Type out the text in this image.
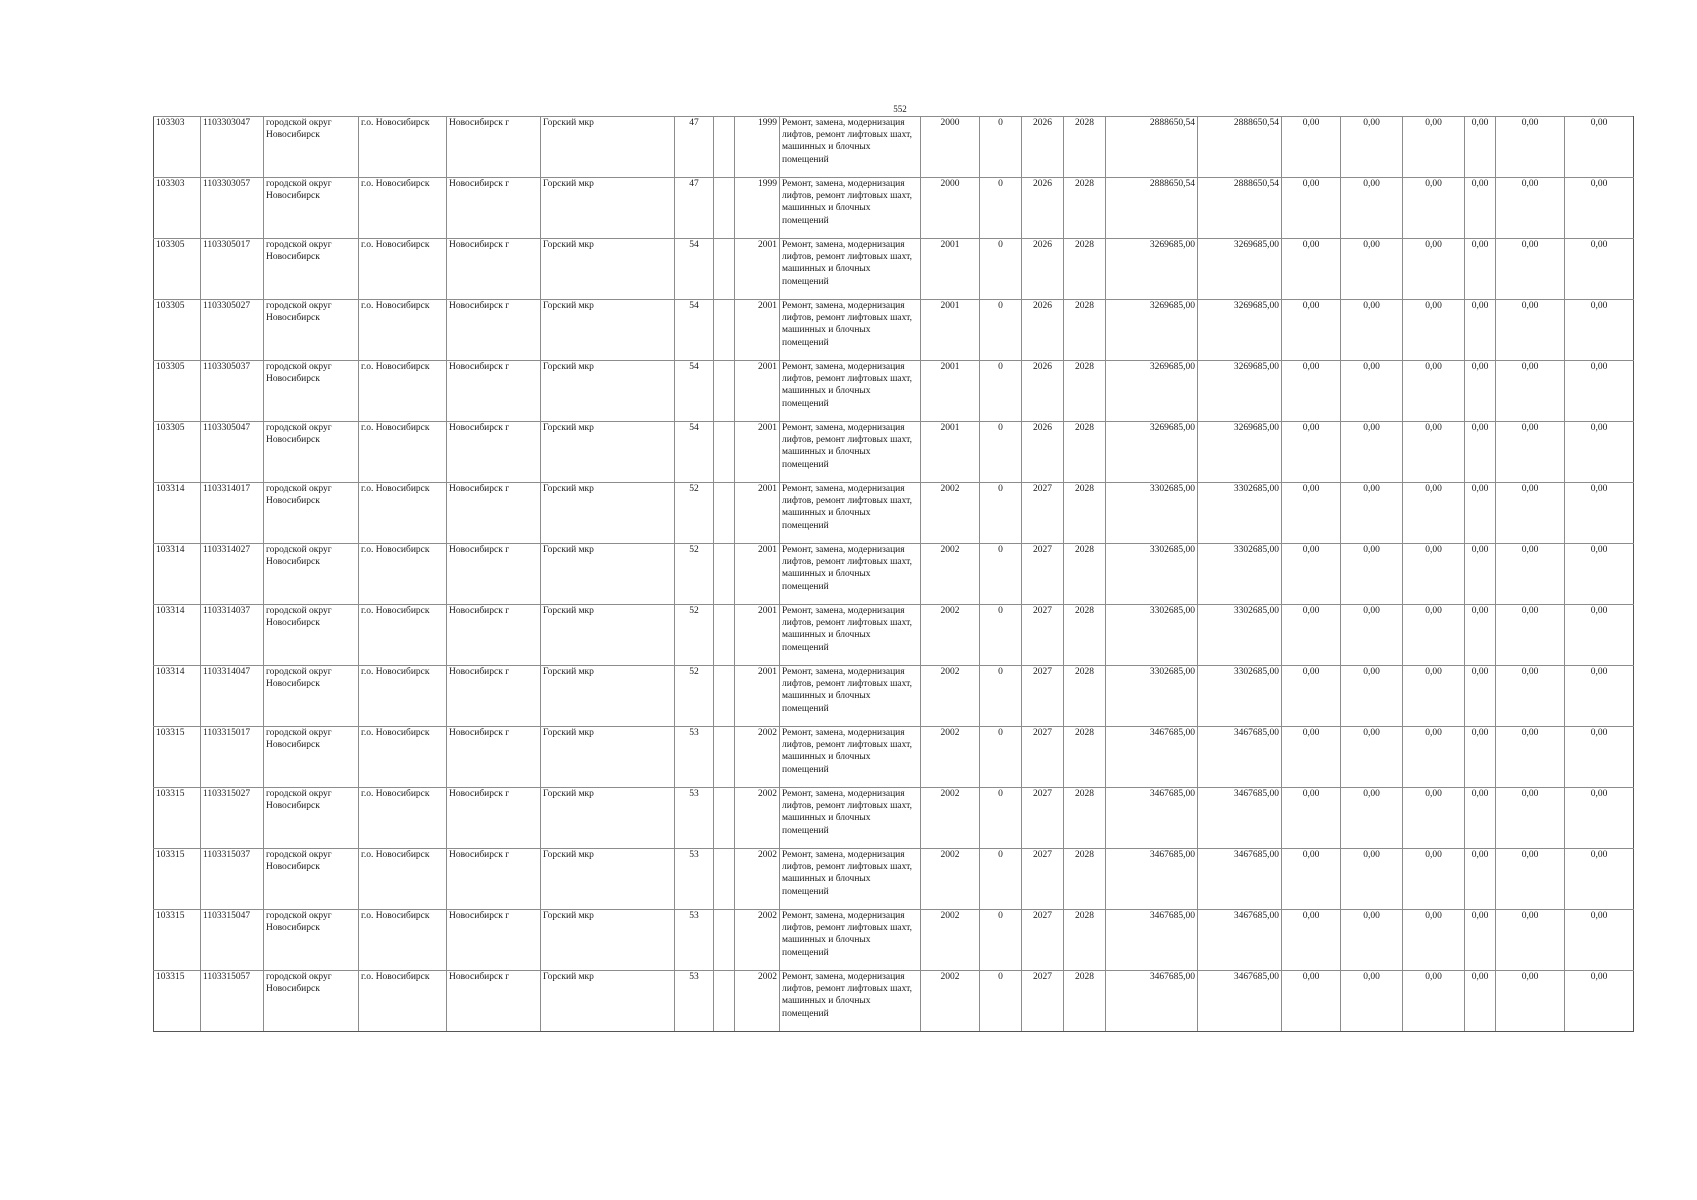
552
103303	1103303047	городской округ Новосибирск	г.о. Новосибирск	Новосибирск г	Горский мкр	47		1999	Ремонт, замена, модернизация лифтов, ремонт лифтовых шахт, машинных и блочных помещений	2000	0	2026	2028	2888650,54	2888650,54	0,00	0,00	0,00	0,00	0,00	0,00
103303	1103303057	городской округ Новосибирск	г.о. Новосибирск	Новосибирск г	Горский мкр	47		1999	Ремонт, замена, модернизация лифтов, ремонт лифтовых шахт, машинных и блочных помещений	2000	0	2026	2028	2888650,54	2888650,54	0,00	0,00	0,00	0,00	0,00	0,00
103305	1103305017	городской округ Новосибирск	г.о. Новосибирск	Новосибирск г	Горский мкр	54		2001	Ремонт, замена, модернизация лифтов, ремонт лифтовых шахт, машинных и блочных помещений	2001	0	2026	2028	3269685,00	3269685,00	0,00	0,00	0,00	0,00	0,00	0,00
103305	1103305027	городской округ Новосибирск	г.о. Новосибирск	Новосибирск г	Горский мкр	54		2001	Ремонт, замена, модернизация лифтов, ремонт лифтовых шахт, машинных и блочных помещений	2001	0	2026	2028	3269685,00	3269685,00	0,00	0,00	0,00	0,00	0,00	0,00
103305	1103305037	городской округ Новосибирск	г.о. Новосибирск	Новосибирск г	Горский мкр	54		2001	Ремонт, замена, модернизация лифтов, ремонт лифтовых шахт, машинных и блочных помещений	2001	0	2026	2028	3269685,00	3269685,00	0,00	0,00	0,00	0,00	0,00	0,00
103305	1103305047	городской округ Новосибирск	г.о. Новосибирск	Новосибирск г	Горский мкр	54		2001	Ремонт, замена, модернизация лифтов, ремонт лифтовых шахт, машинных и блочных помещений	2001	0	2026	2028	3269685,00	3269685,00	0,00	0,00	0,00	0,00	0,00	0,00
103314	1103314017	городской округ Новосибирск	г.о. Новосибирск	Новосибирск г	Горский мкр	52		2001	Ремонт, замена, модернизация лифтов, ремонт лифтовых шахт, машинных и блочных помещений	2002	0	2027	2028	3302685,00	3302685,00	0,00	0,00	0,00	0,00	0,00	0,00
103314	1103314027	городской округ Новосибирск	г.о. Новосибирск	Новосибирск г	Горский мкр	52		2001	Ремонт, замена, модернизация лифтов, ремонт лифтовых шахт, машинных и блочных помещений	2002	0	2027	2028	3302685,00	3302685,00	0,00	0,00	0,00	0,00	0,00	0,00
103314	1103314037	городской округ Новосибирск	г.о. Новосибирск	Новосибирск г	Горский мкр	52		2001	Ремонт, замена, модернизация лифтов, ремонт лифтовых шахт, машинных и блочных помещений	2002	0	2027	2028	3302685,00	3302685,00	0,00	0,00	0,00	0,00	0,00	0,00
103314	1103314047	городской округ Новосибирск	г.о. Новосибирск	Новосибирск г	Горский мкр	52		2001	Ремонт, замена, модернизация лифтов, ремонт лифтовых шахт, машинных и блочных помещений	2002	0	2027	2028	3302685,00	3302685,00	0,00	0,00	0,00	0,00	0,00	0,00
103315	1103315017	городской округ Новосибирск	г.о. Новосибирск	Новосибирск г	Горский мкр	53		2002	Ремонт, замена, модернизация лифтов, ремонт лифтовых шахт, машинных и блочных помещений	2002	0	2027	2028	3467685,00	3467685,00	0,00	0,00	0,00	0,00	0,00	0,00
103315	1103315027	городской округ Новосибирск	г.о. Новосибирск	Новосибирск г	Горский мкр	53		2002	Ремонт, замена, модернизация лифтов, ремонт лифтовых шахт, машинных и блочных помещений	2002	0	2027	2028	3467685,00	3467685,00	0,00	0,00	0,00	0,00	0,00	0,00
103315	1103315037	городской округ Новосибирск	г.о. Новосибирск	Новосибирск г	Горский мкр	53		2002	Ремонт, замена, модернизация лифтов, ремонт лифтовых шахт, машинных и блочных помещений	2002	0	2027	2028	3467685,00	3467685,00	0,00	0,00	0,00	0,00	0,00	0,00
103315	1103315047	городской округ Новосибирск	г.о. Новосибирск	Новосибирск г	Горский мкр	53		2002	Ремонт, замена, модернизация лифтов, ремонт лифтовых шахт, машинных и блочных помещений	2002	0	2027	2028	3467685,00	3467685,00	0,00	0,00	0,00	0,00	0,00	0,00
103315	1103315057	городской округ Новосибирск	г.о. Новосибирск	Новосибирск г	Горский мкр	53		2002	Ремонт, замена, модернизация лифтов, ремонт лифтовых шахт, машинных и блочных помещений	2002	0	2027	2028	3467685,00	3467685,00	0,00	0,00	0,00	0,00	0,00	0,00
